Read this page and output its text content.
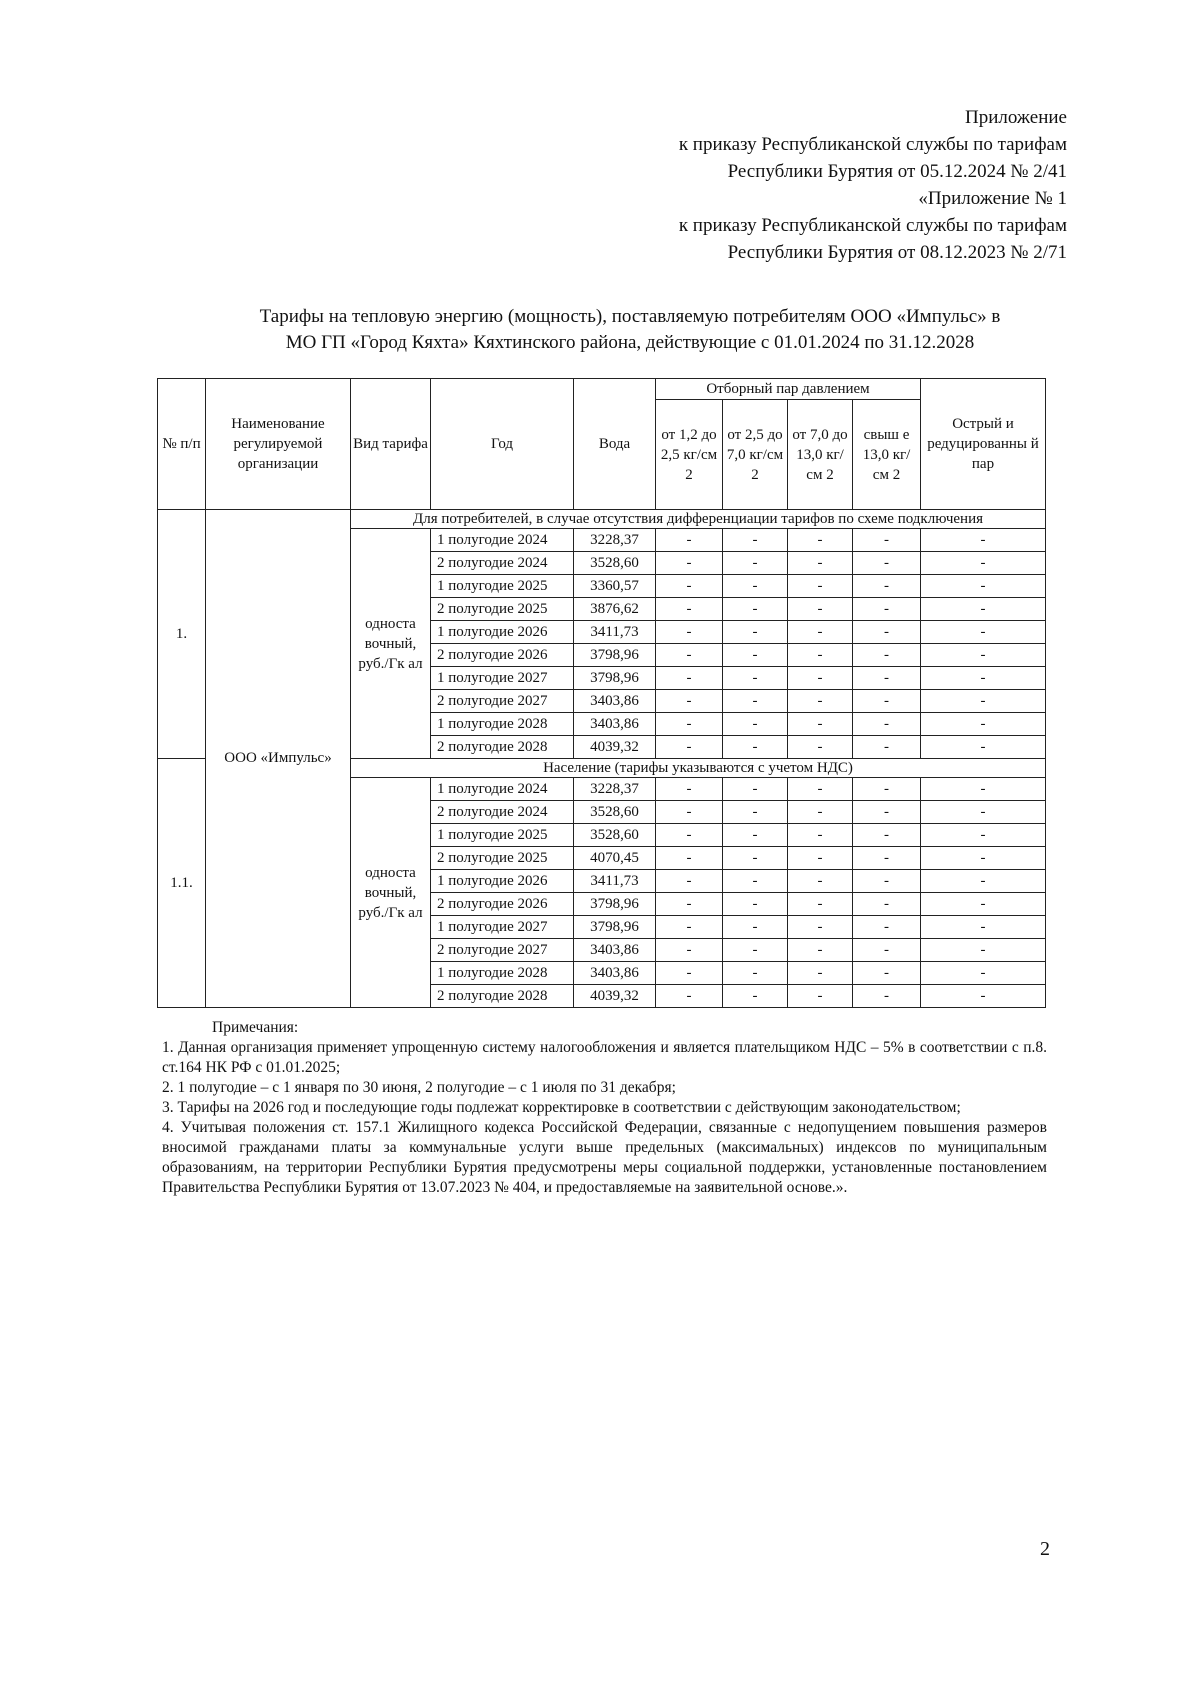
Приложение
к приказу Республиканской службы по тарифам
Республики Бурятия от 05.12.2024 № 2/41
«Приложение № 1
к приказу Республиканской службы по тарифам
Республики Бурятия от 08.12.2023 № 2/71
Тарифы на тепловую энергию (мощность), поставляемую потребителям ООО «Импульс» в
МО ГП «Город Кяхта» Кяхтинского района, действующие с 01.01.2024 по 31.12.2028
№ п/п	Наименование регулируемой организации	Вид тарифа	Год	Вода	Отборный пар давлением				Острый и редуцированны й пар
					от 1,2 до 2,5 кг/см 2	от 2,5 до 7,0 кг/см 2	от 7,0 до 13,0 кг/см 2	свыш е 13,0 кг/см 2	
1.	ООО «Импульс»	Для потребителей, в случае отсутствия дифференциации тарифов по схеме подключения							
		односта вочный, руб./Гк ал	1 полугодие 2024	3228,37	-	-	-	-	-
			2 полугодие 2024	3528,60	-	-	-	-	-
			1 полугодие 2025	3360,57	-	-	-	-	-
			2 полугодие 2025	3876,62	-	-	-	-	-
			1 полугодие 2026	3411,73	-	-	-	-	-
			2 полугодие 2026	3798,96	-	-	-	-	-
			1 полугодие 2027	3798,96	-	-	-	-	-
			2 полугодие 2027	3403,86	-	-	-	-	-
			1 полугодие 2028	3403,86	-	-	-	-	-
			2 полугодие 2028	4039,32	-	-	-	-	-
1.1.		Население (тарифы указываются с учетом НДС)							
		односта вочный, руб./Гк ал	1 полугодие 2024	3228,37	-	-	-	-	-
			2 полугодие 2024	3528,60	-	-	-	-	-
			1 полугодие 2025	3528,60	-	-	-	-	-
			2 полугодие 2025	4070,45	-	-	-	-	-
			1 полугодие 2026	3411,73	-	-	-	-	-
			2 полугодие 2026	3798,96	-	-	-	-	-
			1 полугодие 2027	3798,96	-	-	-	-	-
			2 полугодие 2027	3403,86	-	-	-	-	-
			1 полугодие 2028	3403,86	-	-	-	-	-
			2 полугодие 2028	4039,32	-	-	-	-	-

Примечания:

1. Данная организация применяет упрощенную систему налогообложения и является плательщиком НДС – 5% в соответствии с п.8. ст.164 НК РФ с 01.01.2025;

2. 1 полугодие – с 1 января по 30 июня, 2 полугодие – с 1 июля по 31 декабря;

3. Тарифы на 2026 год и последующие годы подлежат корректировке в соответствии с действующим законодательством;

4. Учитывая положения ст. 157.1 Жилищного кодекса Российской Федерации, связанные с недопущением повышения размеров вносимой гражданами платы за коммунальные услуги выше предельных (максимальных) индексов по муниципальным образованиям, на территории Республики Бурятия предусмотрены меры социальной поддержки, установленные постановлением Правительства Республики Бурятия от 13.07.2023 № 404, и предоставляемые на заявительной основе.».

2
